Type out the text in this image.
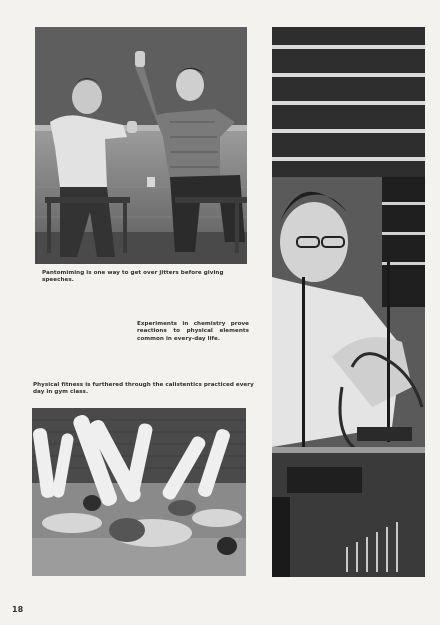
Pantomiming is one way to get over jitters before giving speeches.
Experiments in chemistry prove reactions to physical elements common in every-day life.
Physical fitness is furthered through the calistentics practiced every day in gym class.
18
